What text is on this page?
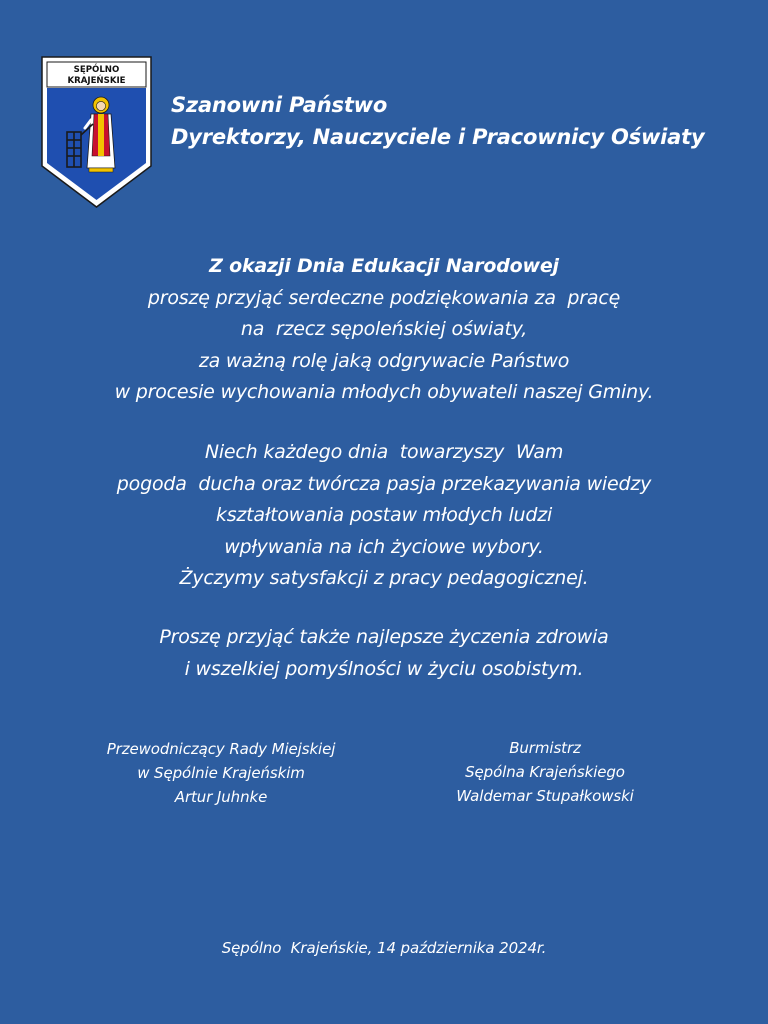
SĘPÓLNO
KRAJEŃSKIE
Szanowni Państwo
Dyrektorzy, Nauczyciele i Pracownicy Oświaty
Z okazji Dnia Edukacji Narodowej
proszę przyjąć serdeczne podziękowania za  pracę
na  rzecz sępoleńskiej oświaty,
za ważną rolę jaką odgrywacie Państwo
w procesie wychowania młodych obywateli naszej Gminy.
Niech każdego dnia  towarzyszy  Wam
pogoda  ducha oraz twórcza pasja przekazywania wiedzy
kształtowania postaw młodych ludzi
wpływania na ich życiowe wybory.
Życzymy satysfakcji z pracy pedagogicznej.
Proszę przyjąć także najlepsze życzenia zdrowia
i wszelkiej pomyślności w życiu osobistym.
Przewodniczący Rady Miejskiej
w Sępólnie Krajeńskim
Artur Juhnke
Burmistrz
Sępólna Krajeńskiego
Waldemar Stupałkowski
Sępólno  Krajeńskie, 14 października 2024r.
